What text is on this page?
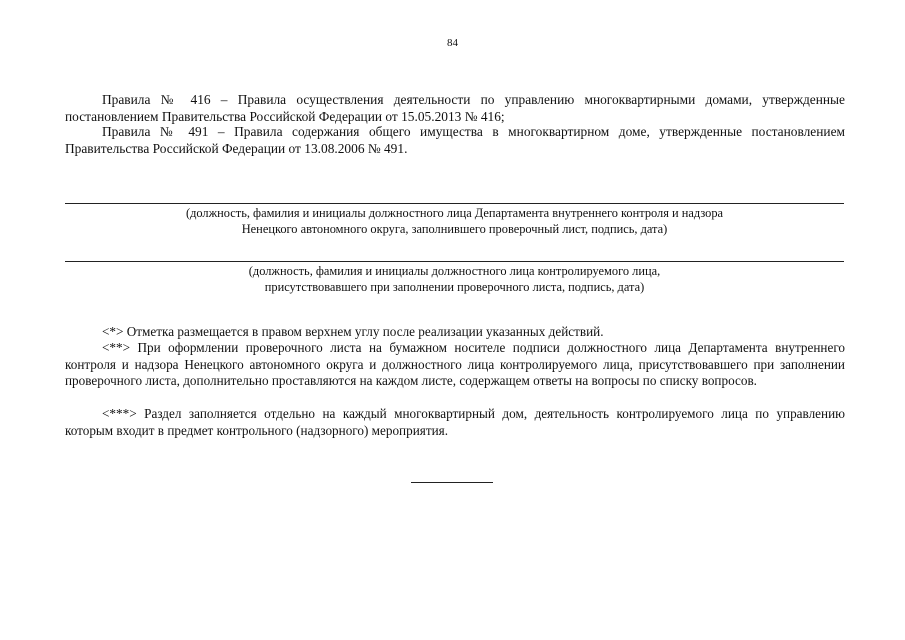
84
Правила № 416 – Правила осуществления деятельности по управлению многоквартирными домами, утвержденные
постановлением Правительства Российской Федерации от 15.05.2013 № 416;
Правила № 491 – Правила содержания общего имущества в многоквартирном доме, утвержденные постановлением
Правительства Российской Федерации от 13.08.2006 № 491.
(должность, фамилия и инициалы должностного лица Департамента внутреннего контроля и надзора
Ненецкого автономного округа, заполнившего проверочный лист, подпись, дата)
(должность, фамилия и инициалы должностного лица контролируемого лица,
присутствовавшего при заполнении проверочного листа, подпись, дата)
<*> Отметка размещается в правом верхнем углу после реализации указанных действий.
<**> При оформлении проверочного листа на бумажном носителе подписи должностного лица Департамента внутреннего
контроля и надзора Ненецкого автономного округа и должностного лица контролируемого лица, присутствовавшего при заполнении проверочного листа, дополнительно проставляются на каждом листе, содержащем ответы на вопросы по списку вопросов.
<***> Раздел заполняется отдельно на каждый многоквартирный дом, деятельность контролируемого лица по управлению
которым входит в предмет контрольного (надзорного) мероприятия.
